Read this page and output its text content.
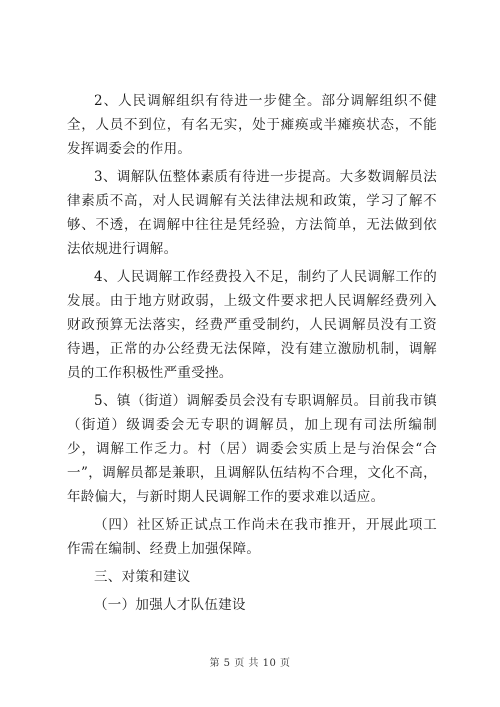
2、人民调解组织有待进一步健全。部分调解组织不健全，人员不到位，有名无实，处于瘫痪或半瘫痪状态，不能发挥调委会的作用。

3、调解队伍整体素质有待进一步提高。大多数调解员法律素质不高，对人民调解有关法律法规和政策，学习了解不够、不透，在调解中往往是凭经验，方法简单，无法做到依法依规进行调解。

4、人民调解工作经费投入不足，制约了人民调解工作的发展。由于地方财政弱，上级文件要求把人民调解经费列入财政预算无法落实，经费严重受制约，人民调解员没有工资待遇，正常的办公经费无法保障，没有建立激励机制，调解员的工作积极性严重受挫。

5、镇（街道）调解委员会没有专职调解员。目前我市镇（街道）级调委会无专职的调解员，加上现有司法所编制少，调解工作乏力。村（居）调委会实质上是与治保会“合一”，调解员都是兼职，且调解队伍结构不合理，文化不高，年龄偏大，与新时期人民调解工作的要求难以适应。

（四）社区矫正试点工作尚未在我市推开，开展此项工作需在编制、经费上加强保障。

三、对策和建议

（一）加强人才队伍建设

第 5 页 共 10 页
